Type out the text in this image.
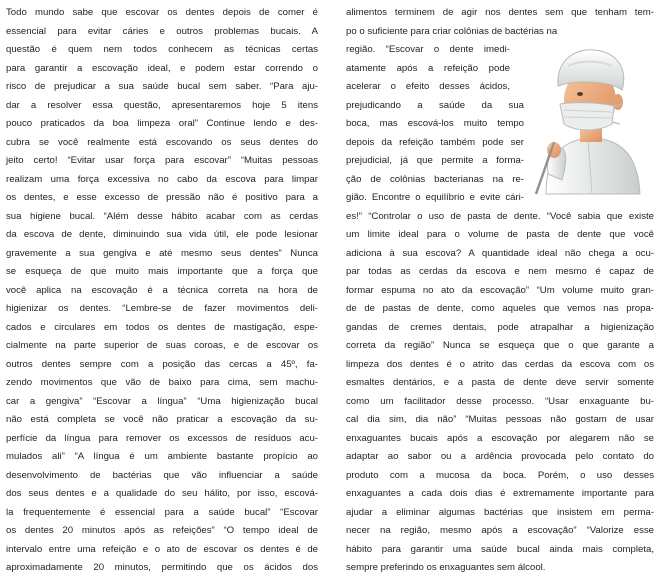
Todo mundo sabe que escovar os dentes depois de comer é
essencial para evitar cáries e outros problemas bucais. A
questão é quem nem todos conhecem as técnicas certas
para garantir a escovação ideal, e podem estar correndo o
risco de prejudicar a sua saúde bucal sem saber. “Para aju-
dar a resolver essa questão, apresentaremos hoje 5 itens
pouco praticados da boa limpeza oral” Continue lendo e des-
cubra se você realmente está escovando os seus dentes do
jeito certo! “Evitar usar força para escovar” “Muitas pessoas
realizam uma força excessiva no cabo da escova para limpar
os dentes, e esse excesso de pressão não é positivo para a
sua higiene bucal. “Além desse hábito acabar com as cerdas
da escova de dente, diminuindo sua vida útil, ele pode lesionar
gravemente a sua gengiva e até mesmo seus dentes” Nunca
se esqueça de que muito mais importante que a força que
você aplica na escovação é a técnica correta na hora de
higienizar os dentes. “Lembre-se de fazer movimentos deli-
cados e circulares em todos os dentes de mastigação, espe-
cialmente na parte superior de suas coroas, e de escovar os
outros dentes sempre com a posição das cercas a 45º, fa-
zendo movimentos que vão de baixo para cima, sem machu-
car a gengiva” “Escovar a língua” “Uma higienização bucal
não está completa se você não praticar a escovação da su-
perfície da língua para remover os excessos de resíduos acu-
mulados ali” “A língua é um ambiente bastante propício ao
desenvolvimento de bactérias que vão influenciar a saúde
dos seus dentes e a qualidade do seu hálito, por isso, escová-
la frequentemente é essencial para a saúde bucal” “Escovar
os dentes 20 minutos após as refeições” “O tempo ideal de
intervalo entre uma refeição e o ato de escovar os dentes é de
aproximadamente 20 minutos, permitindo que os ácidos dos
alimentos terminem de agir nos dentes sem que tenham tem-
po o suficiente para criar colônias de bactérias na
região. “Escovar o dente imedi-
atamente após a refeição pode
acelerar o efeito desses ácidos,
prejudicando a saúde da sua
boca, mas escová-los muito tempo
depois da refeição também pode ser
prejudicial, já que permite a forma-
ção de colônias bacterianas na re-
gião. Encontre o equilíbrio e evite cári-
es!” “Controlar o uso de pasta de dente. “Você sabia que existe
um limite ideal para o volume de pasta de dente que você
adiciona à sua escova? A quantidade ideal não chega a ocu-
par todas as cerdas da escova e nem mesmo é capaz de
formar espuma no ato da escovação” “Um volume muito gran-
de de pastas de dente, como aqueles que vemos nas propa-
gandas de cremes dentais, pode atrapalhar a higienização
correta da região” Nunca se esqueça que o que garante a
limpeza dos dentes é o atrito das cerdas da escova com os
esmaltes dentários, e a pasta de dente deve servir somente
como um facilitador desse processo. “Usar enxaguante bu-
cal dia sim, dia não” “Muitas pessoas não gostam de usar
enxaguantes bucais após a escovação por alegarem não se
adaptar ao sabor ou a ardência provocada pelo contato do
produto com a mucosa da boca. Porém, o uso desses
enxaguantes a cada dois dias é extremamente importante para
ajudar a eliminar algumas bactérias que insistem em perma-
necer na região, mesmo após a escovação” “Valorize esse
hábito para garantir uma saúde bucal ainda mais completa,
sempre preferindo os enxaguantes sem álcool.
